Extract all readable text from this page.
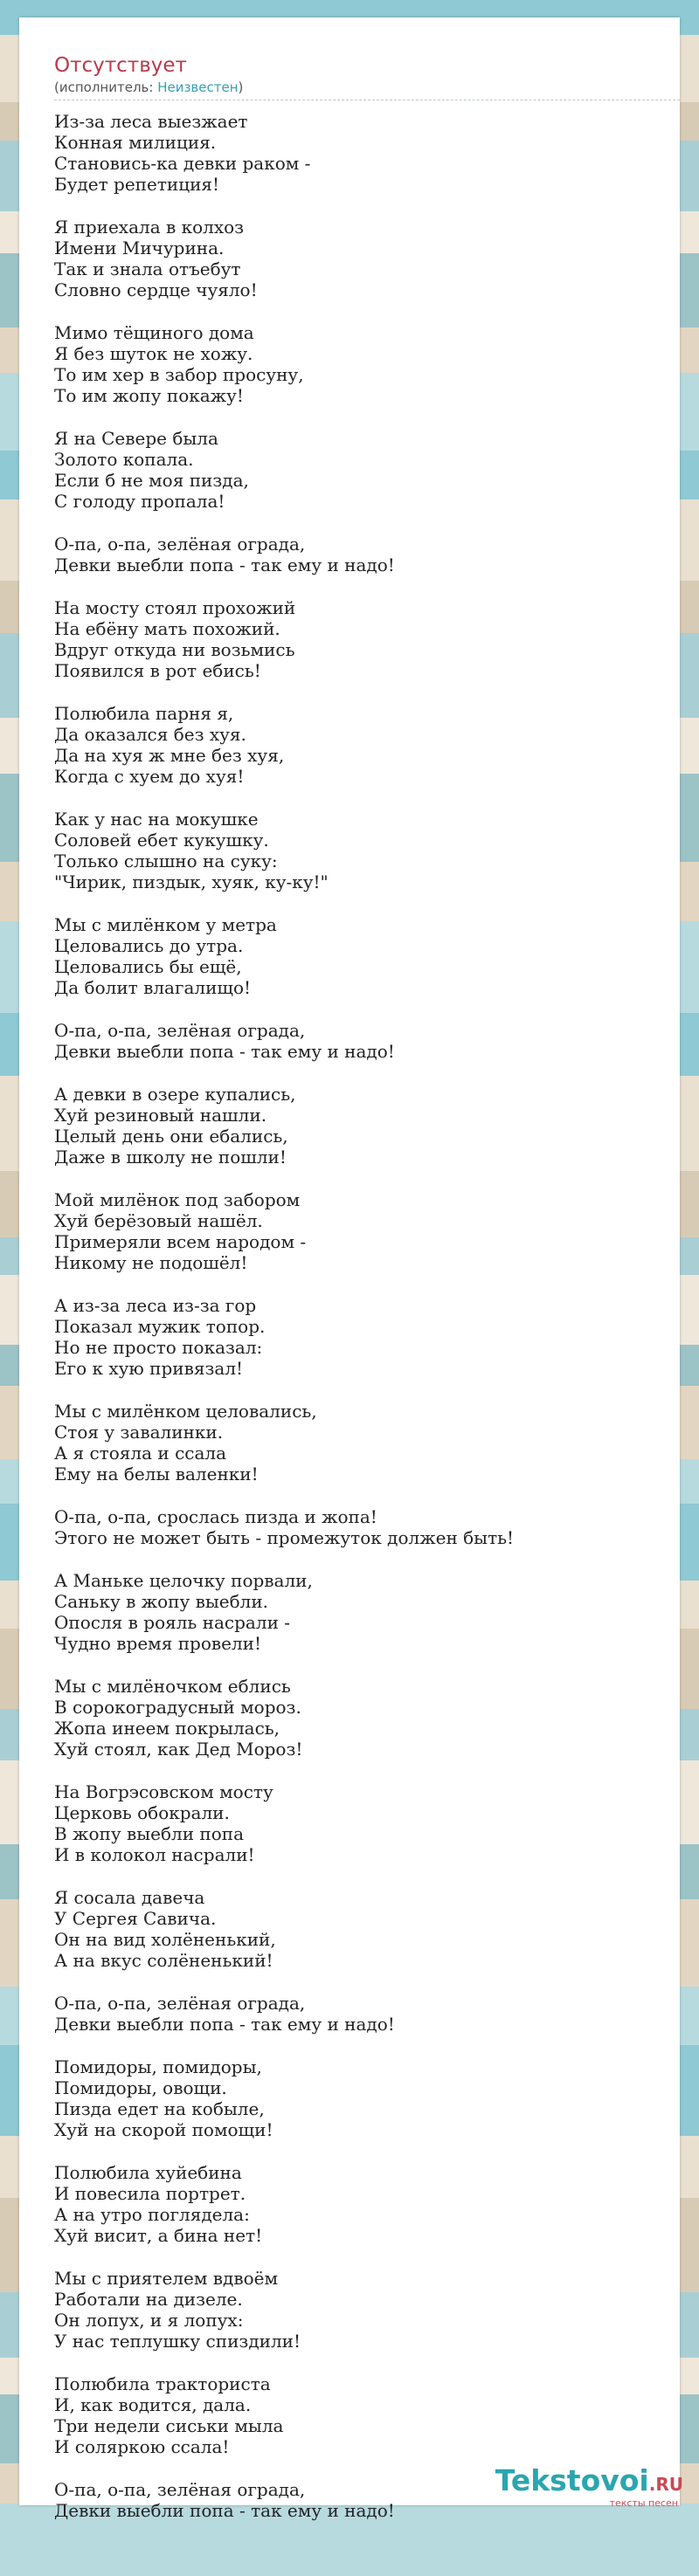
Отсутствует
(исполнитель: Неизвестен)
Из-за леса выезжает
Конная милиция.
Становись-ка девки раком -
Будет репетиция!
Я приехала в колхоз
Имени Мичурина.
Так и знала отъебут
Словно сердце чуяло!
Мимо тёщиного дома
Я без шуток не хожу.
То им хер в забор просуну,
То им жопу покажу!
Я на Севере была
Золото копала.
Если б не моя пизда,
С голоду пропала!
О-па, о-па, зелёная ограда,
Девки выебли попа - так ему и надо!
На мосту стоял прохожий
На ебёну мать похожий.
Вдруг откуда ни возьмись
Появился в рот ебись!
Полюбила парня я,
Да оказался без хуя.
Да на хуя ж мне без хуя,
Когда с хуем до хуя!
Как у нас на мокушке
Соловей ебет кукушку.
Только слышно на суку:
"Чирик, пиздык, хуяк, ку-ку!"
Мы с милёнком у метра
Целовались до утра.
Целовались бы ещё,
Да болит влагалищо!
О-па, о-па, зелёная ограда,
Девки выебли попа - так ему и надо!
А девки в озере купались,
Хуй резиновый нашли.
Целый день они ебались,
Даже в школу не пошли!
Мой милёнок под забором
Хуй берёзовый нашёл.
Примеряли всем народом -
Никому не подошёл!
А из-за леса из-за гор
Показал мужик топор.
Но не просто показал:
Его к хую привязал!
Мы с милёнком целовались,
Стоя у завалинки.
А я стояла и ссала
Ему на белы валенки!
О-па, о-па, срослась пизда и жопа!
Этого не может быть - промежуток должен быть!
А Маньке целочку порвали,
Саньку в жопу выебли.
Опосля в рояль насрали -
Чудно время провели!
Мы с милёночком еблись
В сорокоградусный мороз.
Жопа инеем покрылась,
Хуй стоял, как Дед Мороз!
На Вогрэсовском мосту
Церковь обокрали.
В жопу выебли попа
И в колокол насрали!
Я сосала давеча
У Сергея Савича.
Он на вид холёненький,
А на вкус солёненький!
О-па, о-па, зелёная ограда,
Девки выебли попа - так ему и надо!
Помидоры, помидоры,
Помидоры, овощи.
Пизда едет на кобыле,
Хуй на скорой помощи!
Полюбила хуйебина
И повесила портрет.
А на утро поглядела:
Хуй висит, а бина нет!
Мы с приятелем вдвоём
Работали на дизеле.
Он лопух, и я лопух:
У нас теплушку спиздили!
Полюбила тракториста
И, как водится, дала.
Три недели сиськи мыла
И соляркою ссала!
О-па, о-па, зелёная ограда,
Девки выебли попа - так ему и надо!
Tekstovoi.RU
тексты песен
